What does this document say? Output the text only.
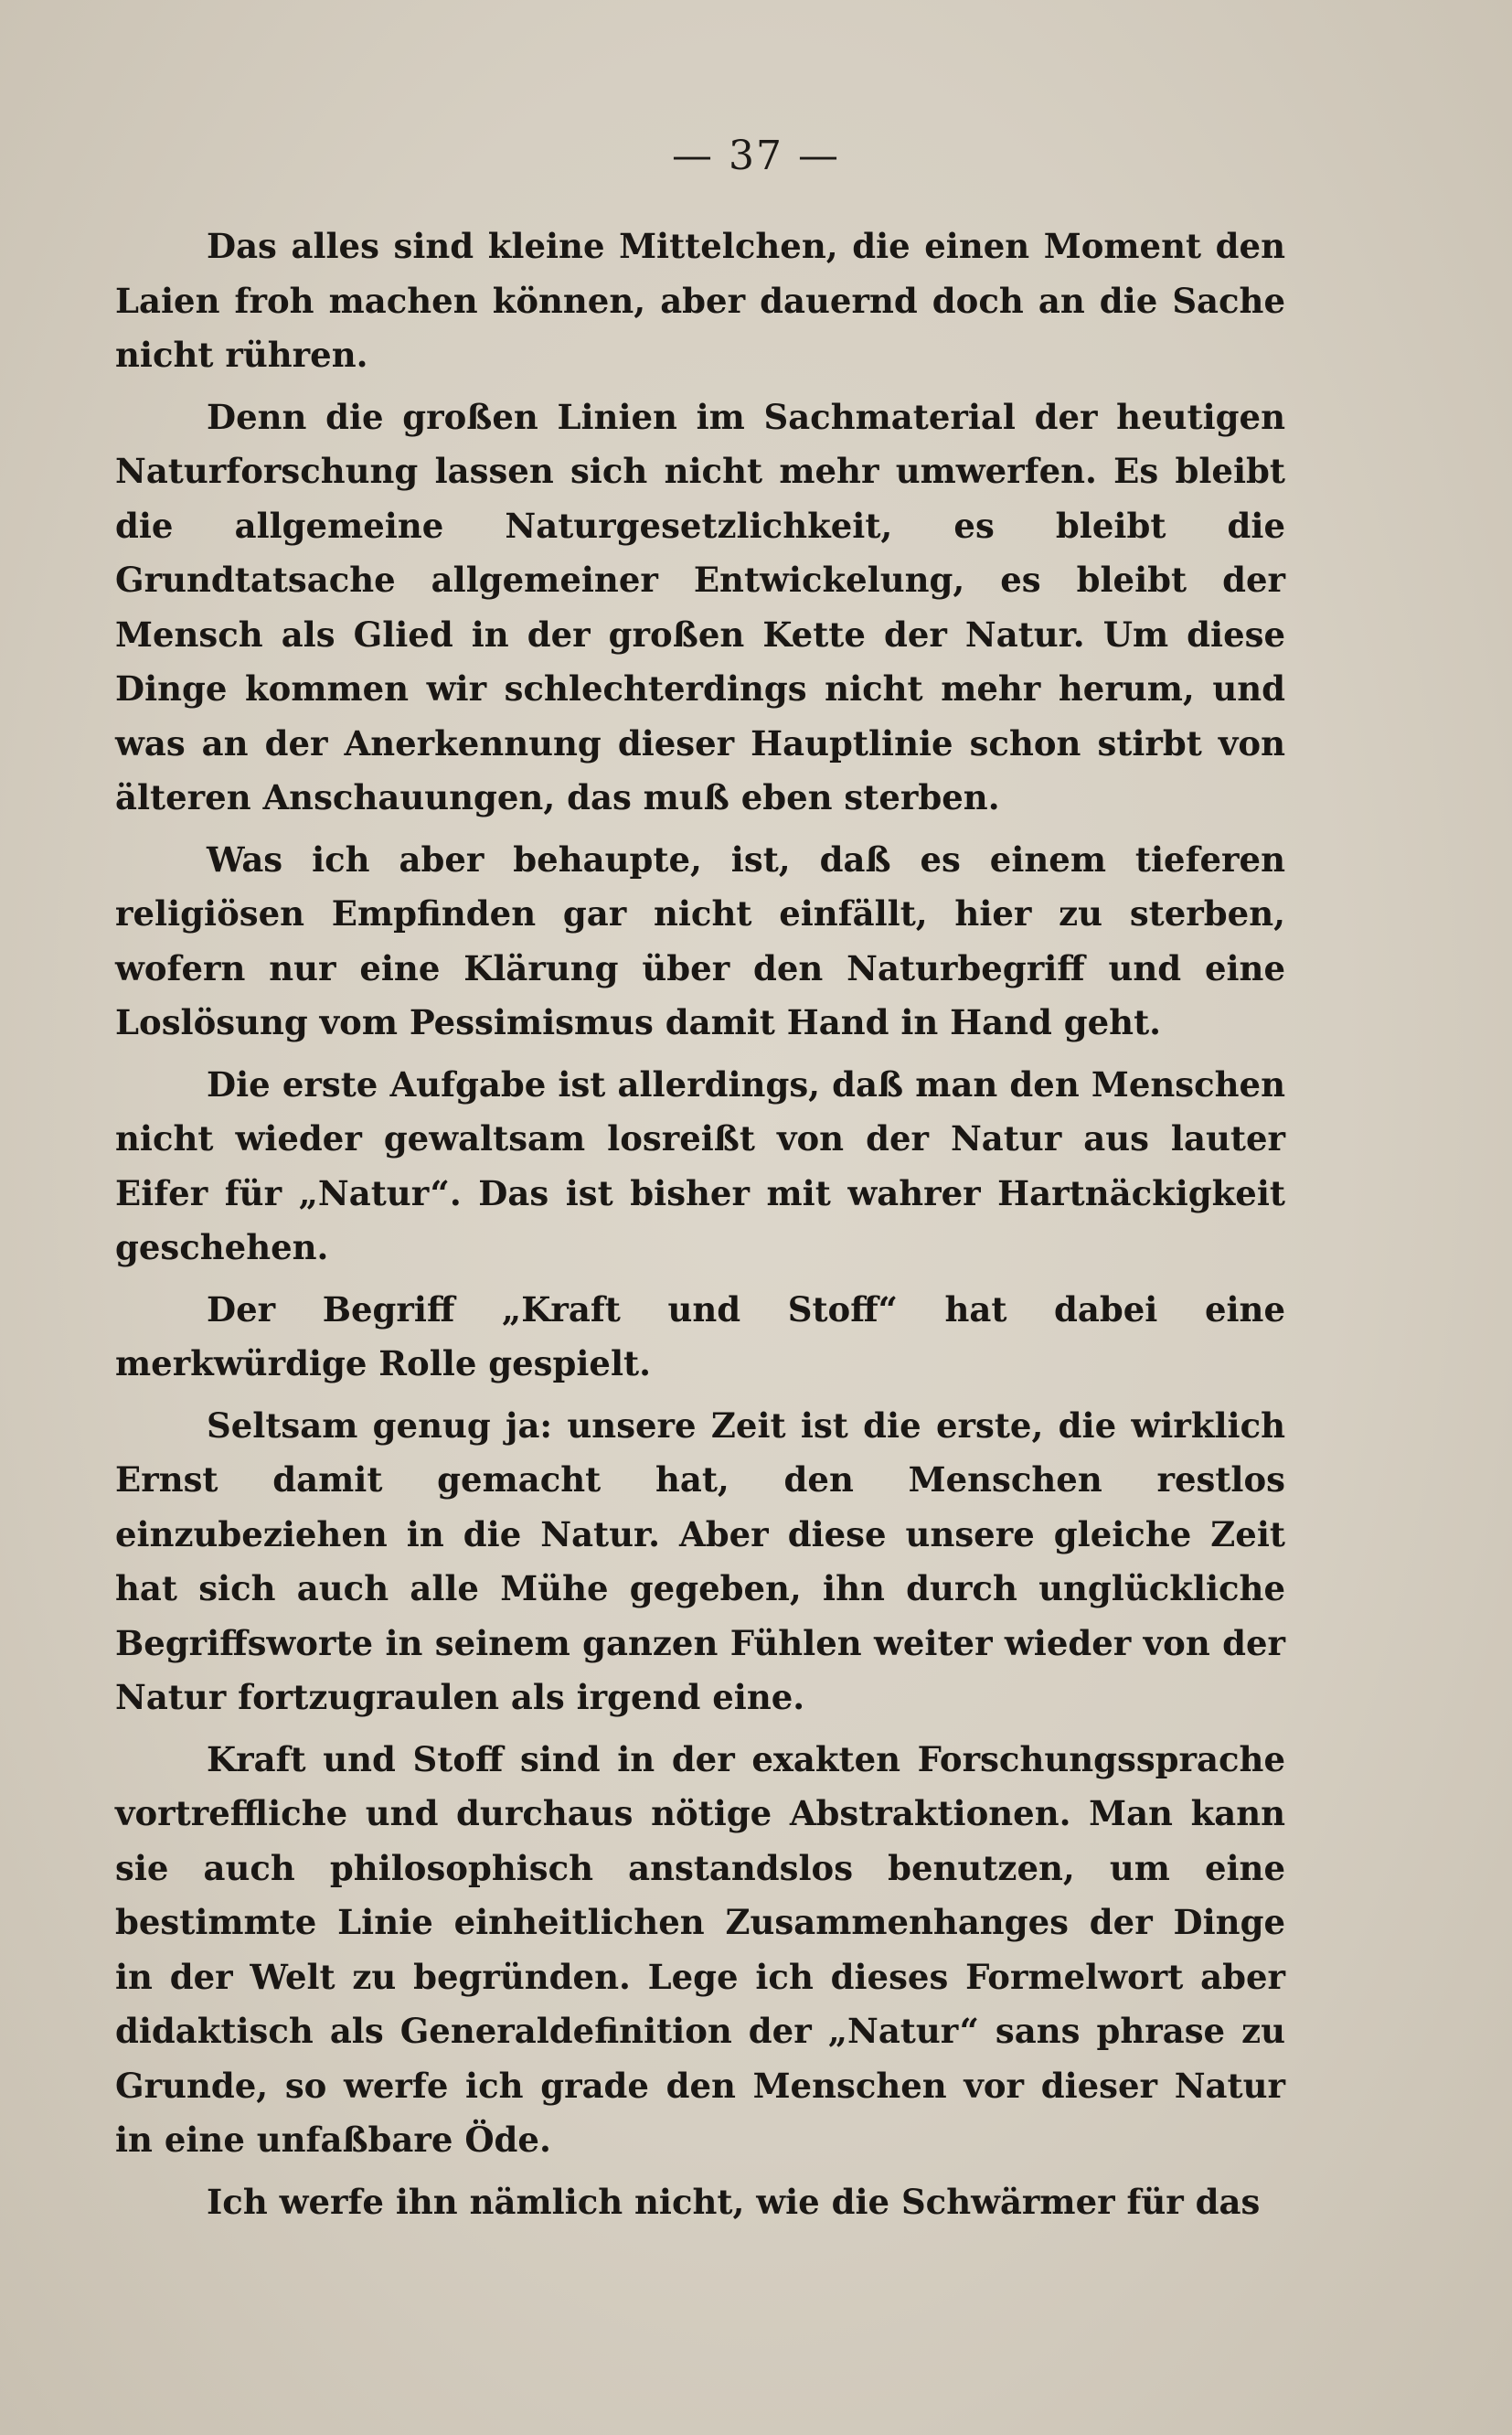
— 37 —

Das alles sind kleine Mittelchen, die einen Moment den Laien froh machen können, aber dauernd doch an die Sache nicht rühren.

Denn die großen Linien im Sachmaterial der heutigen Naturforschung lassen sich nicht mehr umwerfen. Es bleibt die allgemeine Naturgesetzlichkeit, es bleibt die Grundtatsache allgemeiner Entwickelung, es bleibt der Mensch als Glied in der großen Kette der Natur. Um diese Dinge kommen wir schlechterdings nicht mehr herum, und was an der Anerkennung dieser Hauptlinie schon stirbt von älteren Anschauungen, das muß eben sterben.

Was ich aber behaupte, ist, daß es einem tieferen religiösen Empfinden gar nicht einfällt, hier zu sterben, wofern nur eine Klärung über den Naturbegriff und eine Loslösung vom Pessimismus damit Hand in Hand geht.

Die erste Aufgabe ist allerdings, daß man den Menschen nicht wieder gewaltsam losreißt von der Natur aus lauter Eifer für „Natur“. Das ist bisher mit wahrer Hartnäckigkeit geschehen.

Der Begriff „Kraft und Stoff“ hat dabei eine merkwürdige Rolle gespielt.

Seltsam genug ja: unsere Zeit ist die erste, die wirklich Ernst damit gemacht hat, den Menschen restlos einzubeziehen in die Natur. Aber diese unsere gleiche Zeit hat sich auch alle Mühe gegeben, ihn durch unglückliche Begriffsworte in seinem ganzen Fühlen weiter wieder von der Natur fortzugraulen als irgend eine.

Kraft und Stoff sind in der exakten Forschungssprache vortreffliche und durchaus nötige Abstraktionen. Man kann sie auch philosophisch anstandslos benutzen, um eine bestimmte Linie einheitlichen Zusammenhanges der Dinge in der Welt zu begründen. Lege ich dieses Formelwort aber didaktisch als Generaldefinition der „Natur“ sans phrase zu Grunde, so werfe ich grade den Menschen vor dieser Natur in eine unfaßbare Öde.

Ich werfe ihn nämlich nicht, wie die Schwärmer für das
